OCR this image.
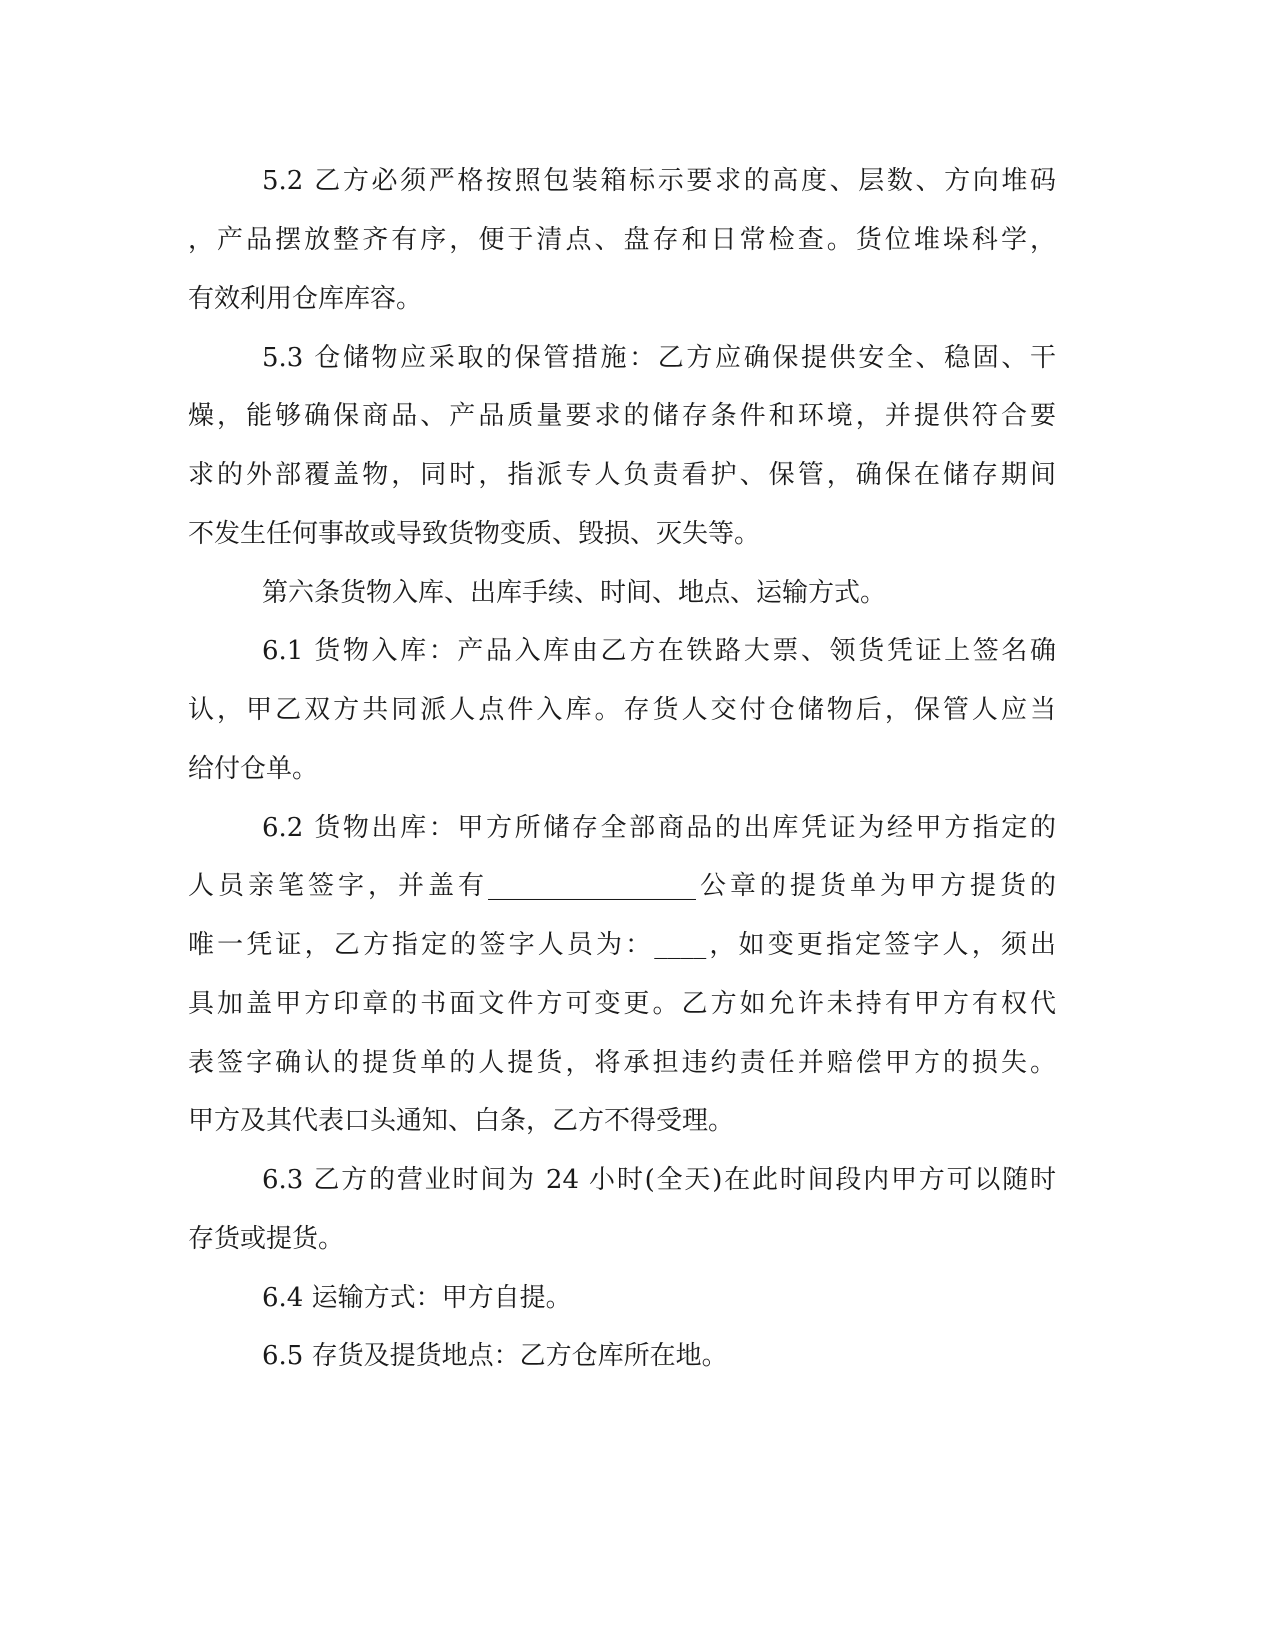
5.2 乙方必须严格按照包装箱标示要求的高度、层数、方向堆码
，产品摆放整齐有序，便于清点、盘存和日常检查。货位堆垛科学，
有效利用仓库库容。
5.3 仓储物应采取的保管措施：乙方应确保提供安全、稳固、干
燥，能够确保商品、产品质量要求的储存条件和环境，并提供符合要
求的外部覆盖物，同时，指派专人负责看护、保管，确保在储存期间
不发生任何事故或导致货物变质、毁损、灭失等。
第六条货物入库、出库手续、时间、地点、运输方式。
6.1 货物入库：产品入库由乙方在铁路大票、领货凭证上签名确
认，甲乙双方共同派人点件入库。存货人交付仓储物后，保管人应当
给付仓单。
6.2 货物出库：甲方所储存全部商品的出库凭证为经甲方指定的
人员亲笔签字，并盖有________________公章的提货单为甲方提货的
唯一凭证，乙方指定的签字人员为：____，如变更指定签字人，须出
具加盖甲方印章的书面文件方可变更。乙方如允许未持有甲方有权代
表签字确认的提货单的人提货，将承担违约责任并赔偿甲方的损失。
甲方及其代表口头通知、白条，乙方不得受理。
6.3 乙方的营业时间为 24 小时(全天)在此时间段内甲方可以随时
存货或提货。
6.4 运输方式：甲方自提。
6.5 存货及提货地点：乙方仓库所在地。
